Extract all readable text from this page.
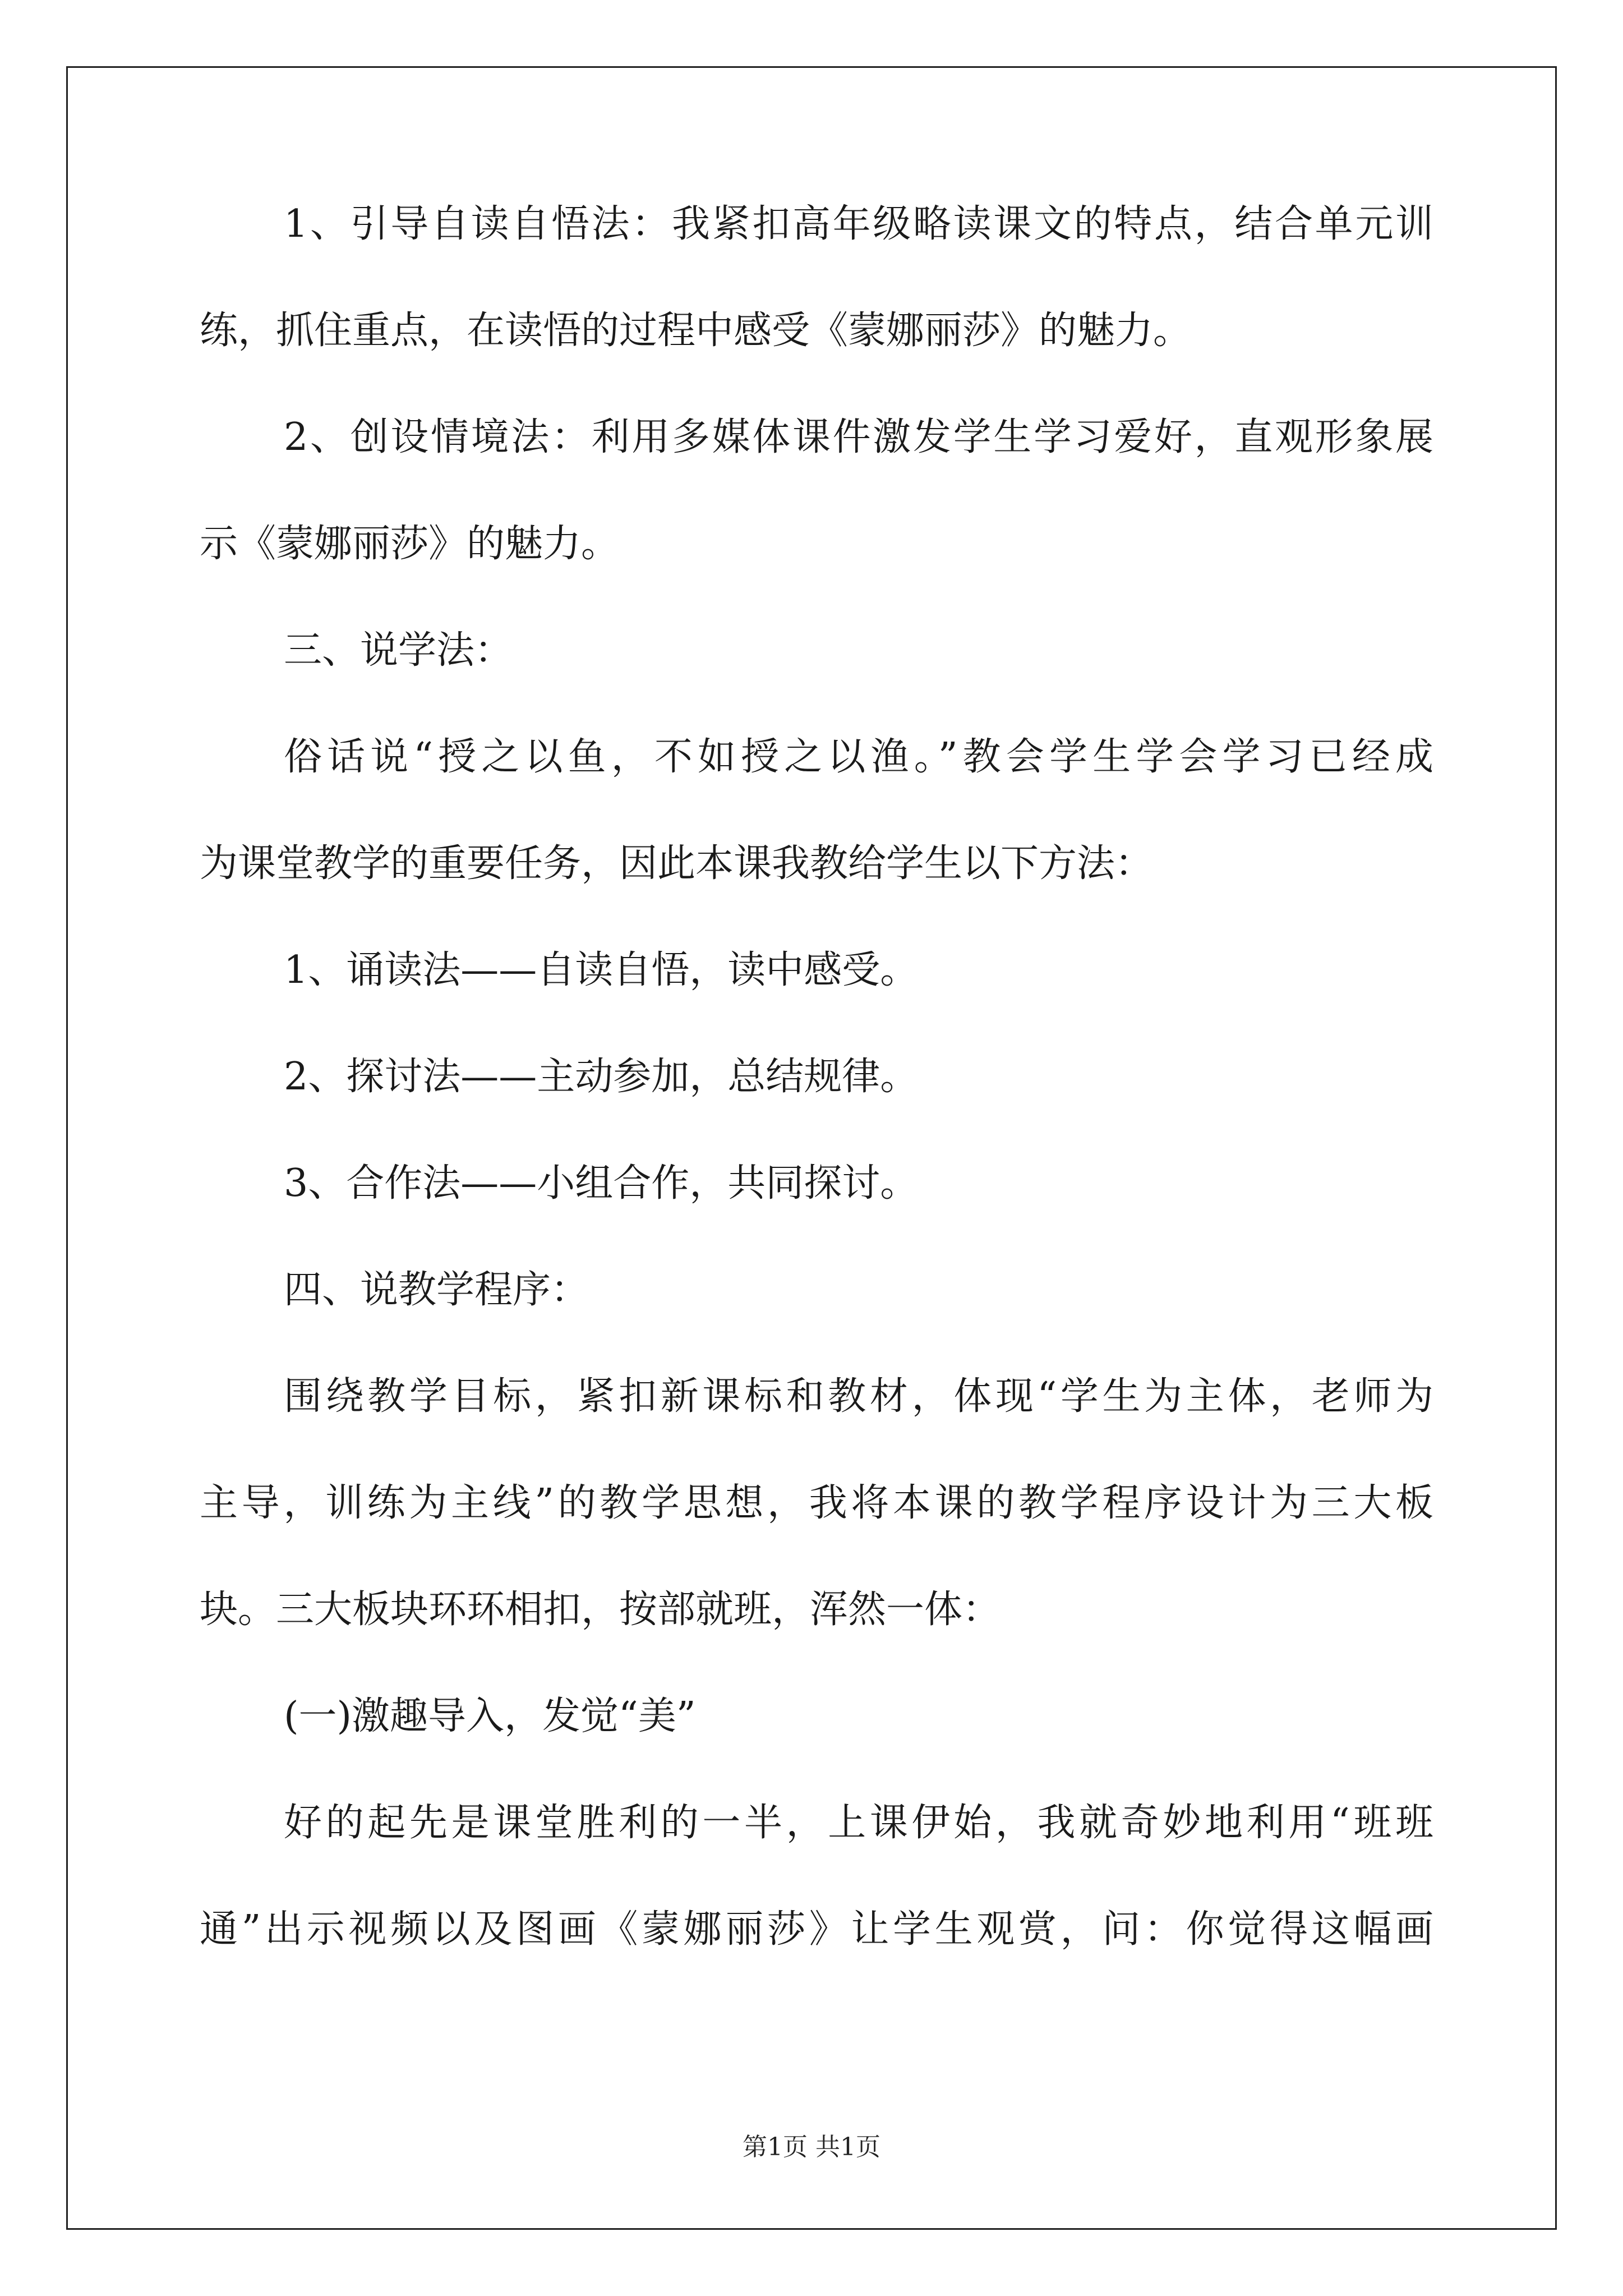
1、引导自读自悟法：我紧扣高年级略读课文的特点，结合单元训
练，抓住重点，在读悟的过程中感受《蒙娜丽莎》的魅力。
2、创设情境法：利用多媒体课件激发学生学习爱好，直观形象展
示《蒙娜丽莎》的魅力。
三、说学法：
俗话说“授之以鱼，不如授之以渔。”教会学生学会学习已经成
为课堂教学的重要任务，因此本课我教给学生以下方法：
1、诵读法——自读自悟，读中感受。
2、探讨法——主动参加，总结规律。
3、合作法——小组合作，共同探讨。
四、说教学程序：
围绕教学目标，紧扣新课标和教材，体现“学生为主体，老师为
主导，训练为主线”的教学思想，我将本课的教学程序设计为三大板
块。三大板块环环相扣，按部就班，浑然一体：
(一)激趣导入，发觉“美”
好的起先是课堂胜利的一半，上课伊始，我就奇妙地利用“班班
通”出示视频以及图画《蒙娜丽莎》让学生观赏，问：你觉得这幅画
第1页 共1页
